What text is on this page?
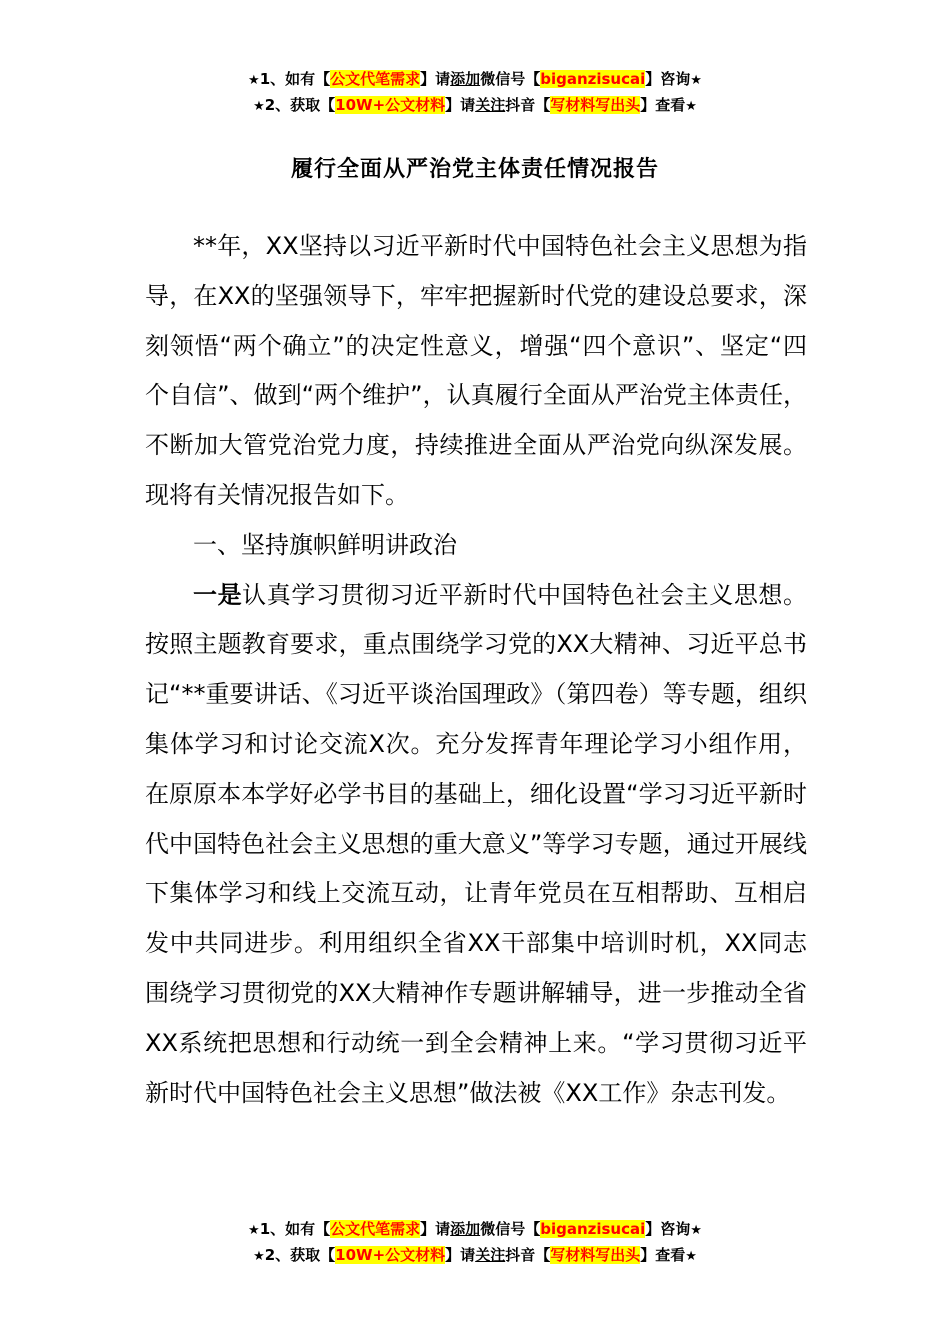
★1、如有【公文代笔需求】请添加微信号【biganzisucai】咨询★
★2、获取【10W+公文材料】请关注抖音【写材料写出头】查看★
履行全面从严治党主体责任情况报告

**年，XX坚持以习近平新时代中国特色社会主义思想为指导，在XX的坚强领导下，牢牢把握新时代党的建设总要求，深刻领悟“两个确立”的决定性意义，增强“四个意识”、坚定“四个自信”、做到“两个维护”，认真履行全面从严治党主体责任，不断加大管党治党力度，持续推进全面从严治党向纵深发展。现将有关情况报告如下。

一、坚持旗帜鲜明讲政治

一是认真学习贯彻习近平新时代中国特色社会主义思想。按照主题教育要求，重点围绕学习党的XX大精神、习近平总书记“**重要讲话、《习近平谈治国理政》（第四卷）等专题，组织集体学习和讨论交流X次。充分发挥青年理论学习小组作用，在原原本本学好必学书目的基础上，细化设置“学习习近平新时代中国特色社会主义思想的重大意义”等学习专题，通过开展线下集体学习和线上交流互动，让青年党员在互相帮助、互相启发中共同进步。利用组织全省XX干部集中培训时机，XX同志围绕学习贯彻党的XX大精神作专题讲解辅导，进一步推动全省XX系统把思想和行动统一到全会精神上来。“学习贯彻习近平新时代中国特色社会主义思想”做法被《XX工作》杂志刊发。

★1、如有【公文代笔需求】请添加微信号【biganzisucai】咨询★
★2、获取【10W+公文材料】请关注抖音【写材料写出头】查看★
